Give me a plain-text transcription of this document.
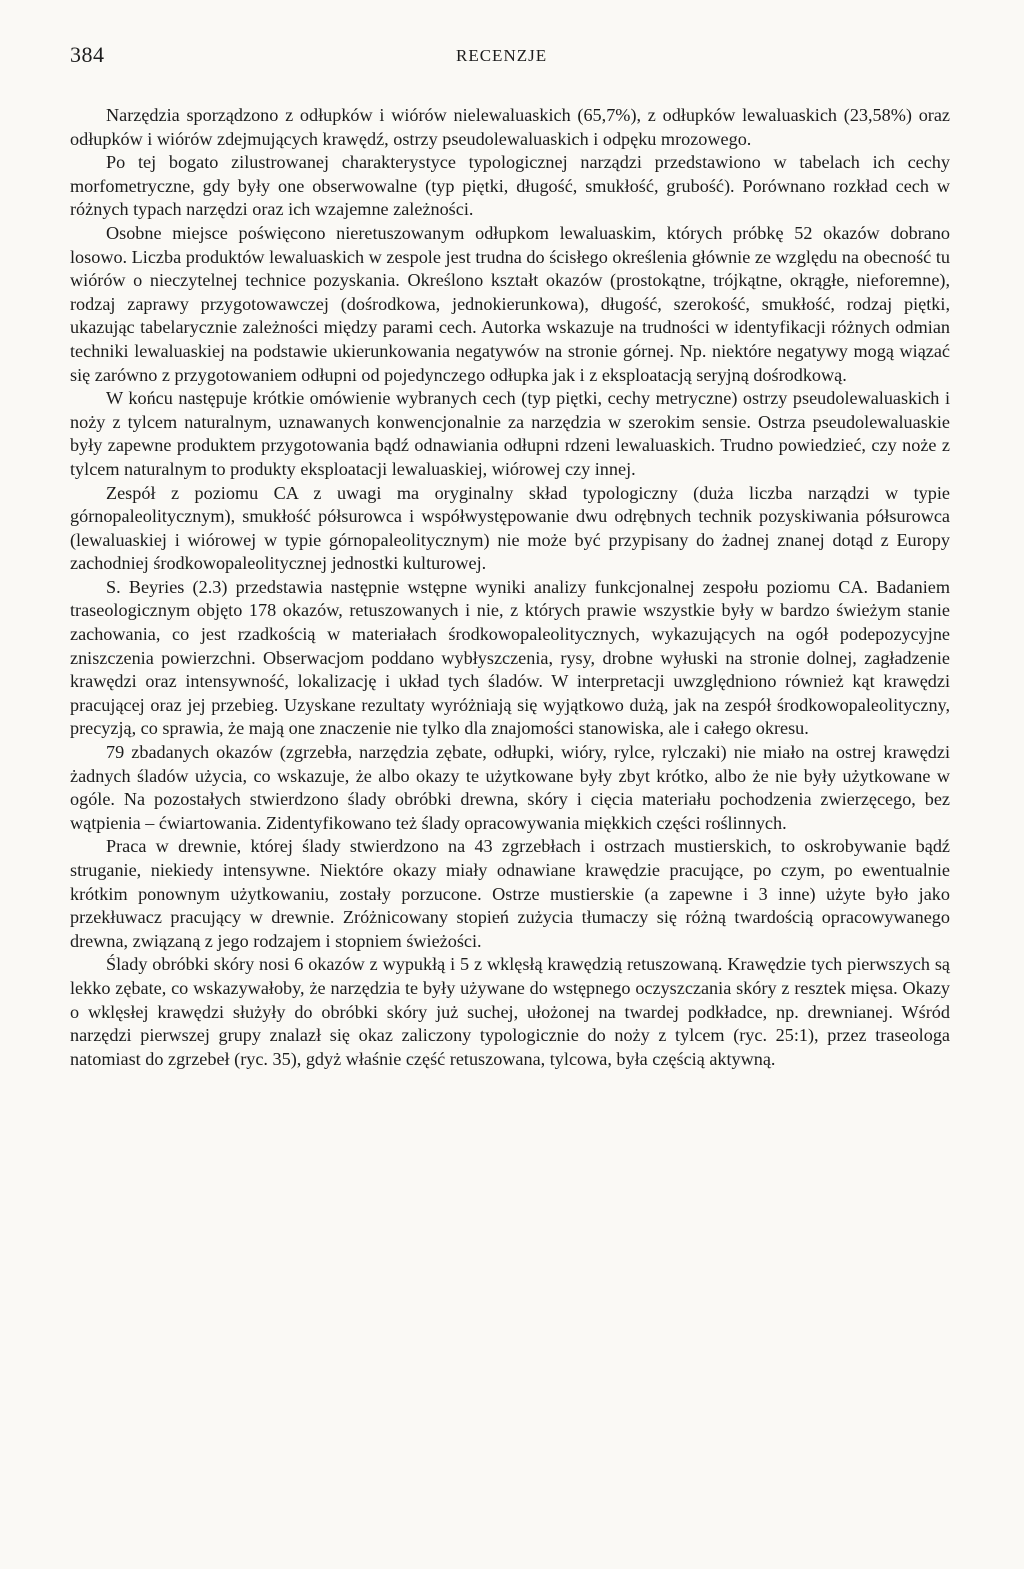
384	RECENZJE

Narzędzia sporządzono z odłupków i wiórów nielewaluaskich (65,7%), z odłupków lewaluaskich (23,58%) oraz odłupków i wiórów zdejmujących krawędź, ostrzy pseudolewaluaskich i odpęku mrozowego.

Po tej bogato zilustrowanej charakterystyce typologicznej narządzi przedstawiono w tabelach ich cechy morfometryczne, gdy były one obserwowalne (typ piętki, długość, smukłość, grubość). Porównano rozkład cech w różnych typach narzędzi oraz ich wzajemne zależności.

Osobne miejsce poświęcono nieretuszowanym odłupkom lewaluaskim, których próbkę 52 okazów dobrano losowo. Liczba produktów lewaluaskich w zespole jest trudna do ścisłego określenia głównie ze względu na obecność tu wiórów o nieczytelnej technice pozyskania. Określono kształt okazów (prostokątne, trójkątne, okrągłe, nieforemne), rodzaj zaprawy przygotowawczej (dośrodkowa, jednokierunkowa), długość, szerokość, smukłość, rodzaj piętki, ukazując tabelarycznie zależności między parami cech. Autorka wskazuje na trudności w identyfikacji różnych odmian techniki lewaluaskiej na podstawie ukierunkowania negatywów na stronie górnej. Np. niektóre negatywy mogą wiązać się zarówno z przygotowaniem odłupni od pojedynczego odłupka jak i z eksploatacją seryjną dośrodkową.

W końcu następuje krótkie omówienie wybranych cech (typ piętki, cechy metryczne) ostrzy pseudolewaluaskich i noży z tylcem naturalnym, uznawanych konwencjonalnie za narzędzia w szerokim sensie. Ostrza pseudolewaluaskie były zapewne produktem przygotowania bądź odnawiania odłupni rdzeni lewaluaskich. Trudno powiedzieć, czy noże z tylcem naturalnym to produkty eksploatacji lewaluaskiej, wiórowej czy innej.

Zespół z poziomu CA z uwagi ma oryginalny skład typologiczny (duża liczba narządzi w typie górnopaleolitycznym), smukłość półsurowca i współwystępowanie dwu odrębnych technik pozyskiwania półsurowca (lewaluaskiej i wiórowej w typie górnopaleolitycznym) nie może być przypisany do żadnej znanej dotąd z Europy zachodniej środkowopaleolitycznej jednostki kulturowej.

S. Beyries (2.3) przedstawia następnie wstępne wyniki analizy funkcjonalnej zespołu poziomu CA. Badaniem traseologicznym objęto 178 okazów, retuszowanych i nie, z których prawie wszystkie były w bardzo świeżym stanie zachowania, co jest rzadkością w materiałach środkowopaleolitycznych, wykazujących na ogół podepozycyjne zniszczenia powierzchni. Obserwacjom poddano wybłyszczenia, rysy, drobne wyłuski na stronie dolnej, zagładzenie krawędzi oraz intensywność, lokalizację i układ tych śladów. W interpretacji uwzględniono również kąt krawędzi pracującej oraz jej przebieg. Uzyskane rezultaty wyróżniają się wyjątkowo dużą, jak na zespół środkowopaleolityczny, precyzją, co sprawia, że mają one znaczenie nie tylko dla znajomości stanowiska, ale i całego okresu.

79 zbadanych okazów (zgrzebła, narzędzia zębate, odłupki, wióry, rylce, rylczaki) nie miało na ostrej krawędzi żadnych śladów użycia, co wskazuje, że albo okazy te użytkowane były zbyt krótko, albo że nie były użytkowane w ogóle. Na pozostałych stwierdzono ślady obróbki drewna, skóry i cięcia materiału pochodzenia zwierzęcego, bez wątpienia – ćwiartowania. Zidentyfikowano też ślady opracowywania miękkich części roślinnych.

Praca w drewnie, której ślady stwierdzono na 43 zgrzebłach i ostrzach mustierskich, to oskrobywanie bądź struganie, niekiedy intensywne. Niektóre okazy miały odnawiane krawędzie pracujące, po czym, po ewentualnie krótkim ponownym użytkowaniu, zostały porzucone. Ostrze mustierskie (a zapewne i 3 inne) użyte było jako przekłuwacz pracujący w drewnie. Zróżnicowany stopień zużycia tłumaczy się różną twardością opracowywanego drewna, związaną z jego rodzajem i stopniem świeżości.

Ślady obróbki skóry nosi 6 okazów z wypukłą i 5 z wklęsłą krawędzią retuszowaną. Krawędzie tych pierwszych są lekko zębate, co wskazywałoby, że narzędzia te były używane do wstępnego oczyszczania skóry z resztek mięsa. Okazy o wklęsłej krawędzi służyły do obróbki skóry już suchej, ułożonej na twardej podkładce, np. drewnianej. Wśród narzędzi pierwszej grupy znalazł się okaz zaliczony typologicznie do noży z tylcem (ryc. 25:1), przez traseologa natomiast do zgrzebeł (ryc. 35), gdyż właśnie część retuszowana, tylcowa, była częścią aktywną.
